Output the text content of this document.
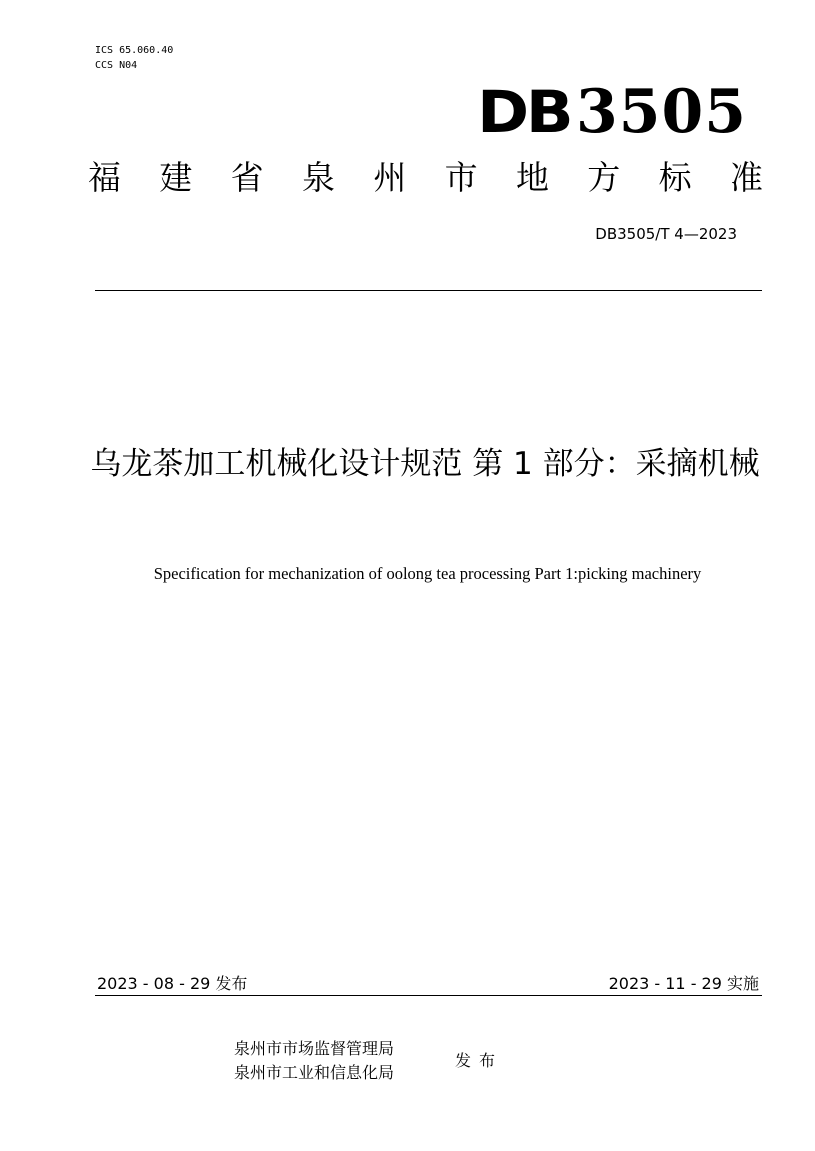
ICS 65.060.40
CCS N04
DB 3505
福 建 省 泉 州 市 地 方 标 准
DB3505/T 4—2023
乌龙茶加工机械化设计规范 第 1 部分：采摘机械
Specification for mechanization of oolong tea processing Part 1:picking machinery
2023 - 08 - 29 发布	2023 - 11 - 29 实施
泉州市市场监督管理局
泉州市工业和信息化局
发布
